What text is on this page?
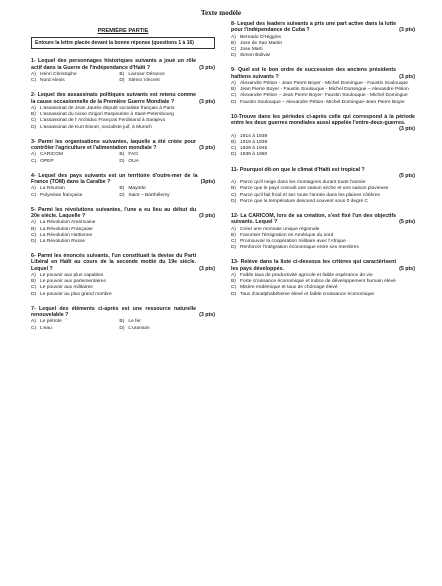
Texte modèle
PREMIÈRE PARTIE
Entoure la lettre placée devant la bonne réponse (questions 1 à 16)
1- Lequel des personnages historiques suivants a joué un rôle actif dans la Guerre de l'indépendance d'Haïti ?	(3 pts)
A) Henri Christophe	B) Lamour Dérance
C) Nord Alexis	D) Sténio Vincent
2- Lequel des assassinats politiques suivants est retenu comme la cause occasionnelle de la Première Guerre Mondiale ?	(3 pts)
A) L'assassinat de Jean Jaurès député socialiste français à Paris
B) L'assassinat du russe Grigori Raspoutine à Saint-Petersbourg
C) L'assassinat de l' Archiduc François Ferdinand à Sarajevo
D) L'assassinat de Kurt Eisner, socialiste juif, à Munich
3- Parmi les organisations suivantes, laquelle a été créée pour contrôler l'agriculture et l'alimentation mondiale ?	(3 pts)
A) CARICOM	B) FAO
C) OPEP	D) OUA
4- Lequel des pays suivants est un territoire d'outre-mer de la France (TOM) dans la Caraïbe ?	(3pts)
A) La Réunion	B) Mayotte
C) Polynésie française	D) Saint – Barthélemy
5- Parmi les révolutions suivantes, l'une a eu lieu au début du 20e siècle. Laquelle ?	(3 pts)
A) La Révolution Américaine
B) La Révolution Française
C) La Révolution Haïtienne
D) La Révolution Russe
6- Parmi les énoncés suivants, l'un constituait la devise du Parti Libéral en Haïti au cours de la seconde moitié du 19e siècle. Lequel ?	(3 pts)
A) Le pouvoir aux plus capables
B) Le pouvoir aux parlementaires
C) Le pouvoir aux militaires
D) Le pouvoir au plus grand nombre
7- Lequel des éléments ci-après est une ressource naturelle renouvelable ?	(3 pts)
A) Le pétrole	B) Le fer
C) L'eau	D) L'uranium
8- Lequel des leaders suivants a pris une part active dans la lutte pour l'indépendance de Cuba ?	(3 pts)
A) Bernado O'Higgins
B) Jose de San Martin
C) Jose Marti
D) Simon Bolivar
9- Quel est le bon ordre de succession des anciens présidents haïtiens suivants ?	(3 pts)
A) Alexandre Pétion - Jean Pierre Boyer - Michel Domingue - Faustin Soulouque
B) Jean Pierre Boyer - Faustin Soulouque - Michel Domingue – Alexandre Pétion
C) Alexandre Pétion – Jean Pierre Boyer- Faustin Soulouque - Michel Domingue
D) Faustin Soulouque – Alexandre Pétion- Michel Domingue-Jean Pierre Boyer
10-Trouve dans les périodes ci-après celle qui correspond à la période entre les deux guerres mondiales aussi appelée l'entre-deux-guerres.
(3 pts)
A) 1914 à 1939
B) 1919 à 1939
C) 1929 à 1945
D) 1939 à 1960
11- Pourquoi dit-on que le climat d'Haïti est tropical ?
(5 pts)
A) Parce qu'il neige dans les montagnes durant toute l'année
B) Parce que le pays connaît une saison sèche et une saison pluvieuse
C) Parce qu'il fait froid et sec toute l'année dans les plaines côtières
D) Parce que la température descend souvent sous 0 degré C
12- La CARICOM, lors de sa création, s'est fixé l'un des objectifs suivants. Lequel ?	(5 pts)
A) Créer une monnaie unique régionale
B) Favoriser l'émigration en Amérique du nord
C) Promouvoir la coopération militaire avec l'Afrique
D) Renforcer l'intégration économique entre ses membres
13- Relève dans la liste ci-dessous les critères qui caractérisent les pays développés.	(5 pts)
A) Faible taux de productivité agricole et faible espérance de vie
B) Forte croissance économique et indice de développement humain élevé
C) Misère endémique et taux de chômage élevé
D) Taux d'analphabétisme élevé et faible croissance économique
